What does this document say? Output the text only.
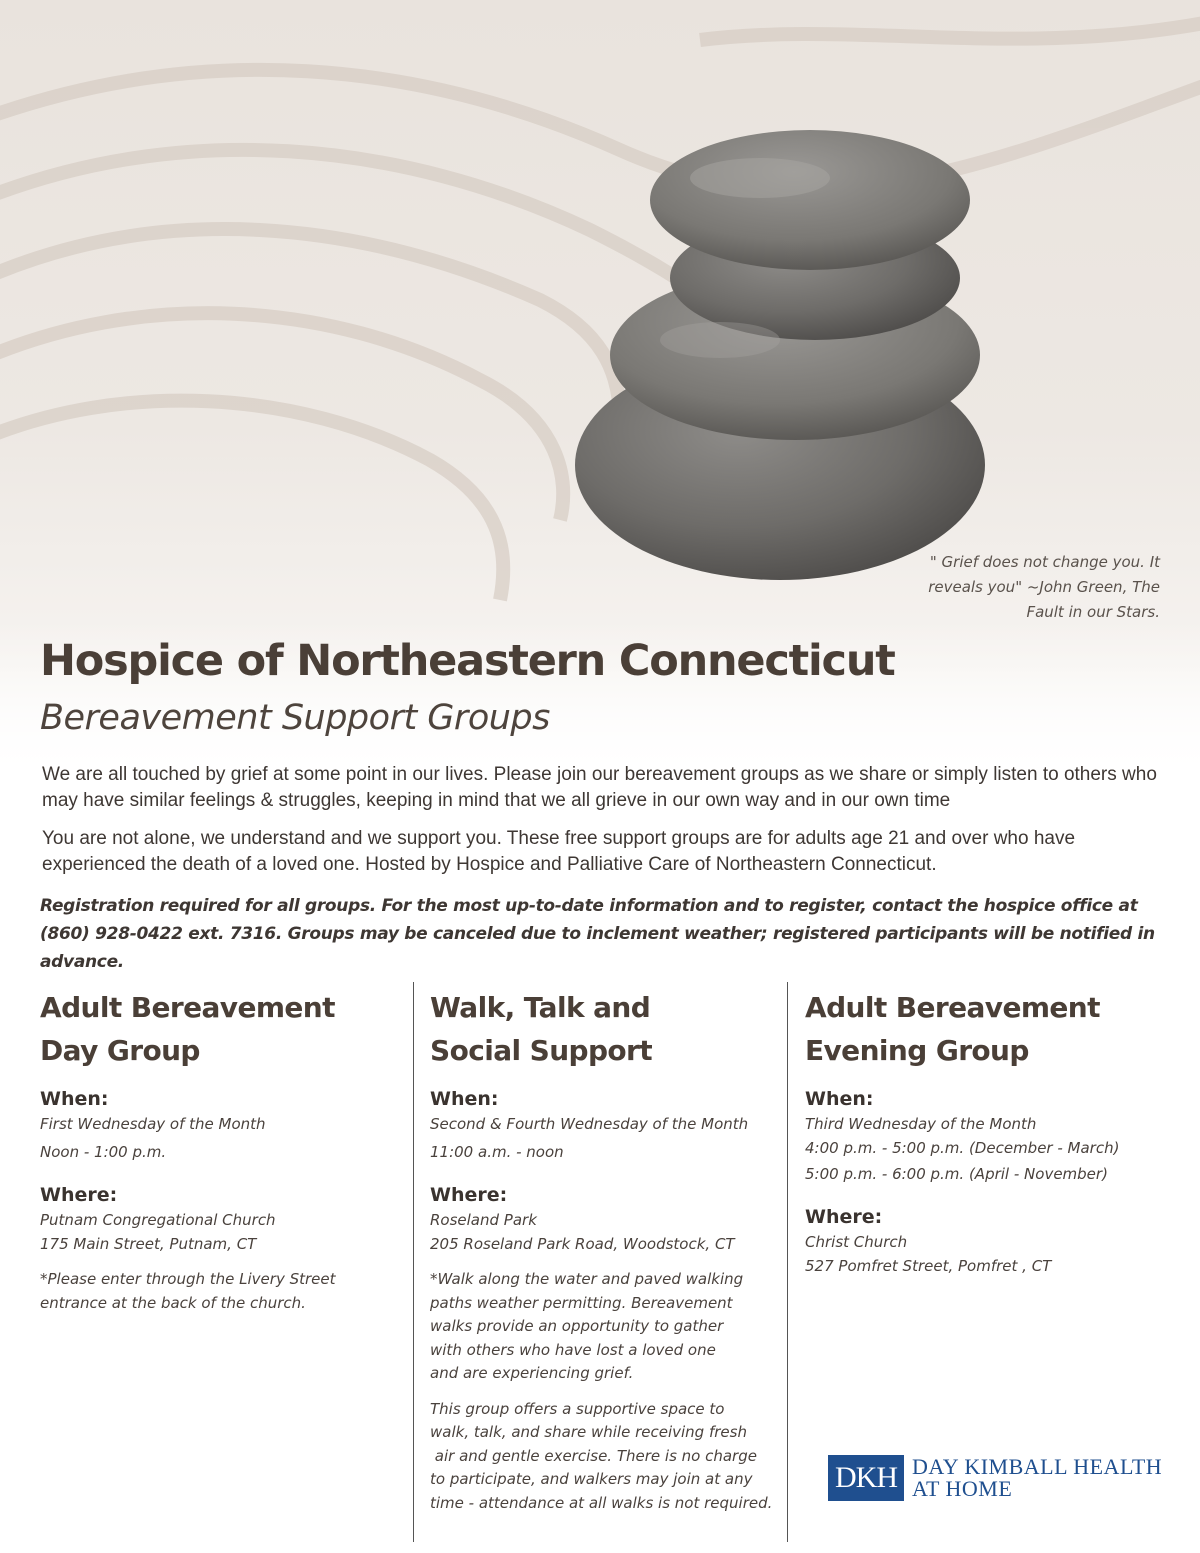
" Grief does not change you. It
reveals you" ~John Green, The
Fault in our Stars.
Hospice of Northeastern Connecticut
Bereavement Support Groups

We are all touched by grief at some point in our lives. Please join our bereavement groups as we share or simply listen to others who may have similar feelings & struggles, keeping in mind that we all grieve in our own way and in our own time

You are not alone, we understand and we support you. These free support groups are for adults age 21 and over who have experienced the death of a loved one. Hosted by Hospice and Palliative Care of Northeastern Connecticut.

Registration required for all groups. For the most up-to-date information and to register, contact the hospice office at (860) 928-0422 ext. 7316. Groups may be canceled due to inclement weather; registered participants will be notified in advance.

Adult Bereavement
Day Group

When:

First Wednesday of the Month

Noon - 1:00 p.m.

Where:

Putnam Congregational Church

175 Main Street, Putnam, CT

*Please enter through the Livery Street

entrance at the back of the church.

Walk, Talk and
Social Support

When:

Second & Fourth Wednesday of the Month

11:00 a.m. - noon

Where:

Roseland Park

205 Roseland Park Road, Woodstock, CT

*Walk along the water and paved walking

paths weather permitting. Bereavement

walks provide an opportunity to gather

with others who have lost a loved one

and are experiencing grief.

This group offers a supportive space to

walk, talk, and share while receiving fresh

air and gentle exercise. There is no charge

to participate, and walkers may join at any

time - attendance at all walks is not required.

Adult Bereavement
Evening Group

When:

Third Wednesday of the Month

4:00 p.m. - 5:00 p.m. (December - March)

5:00 p.m. - 6:00 p.m. (April - November)

Where:

Christ Church

527 Pomfret Street, Pomfret , CT

DKH DAY KIMBALL HEALTH
AT HOME
